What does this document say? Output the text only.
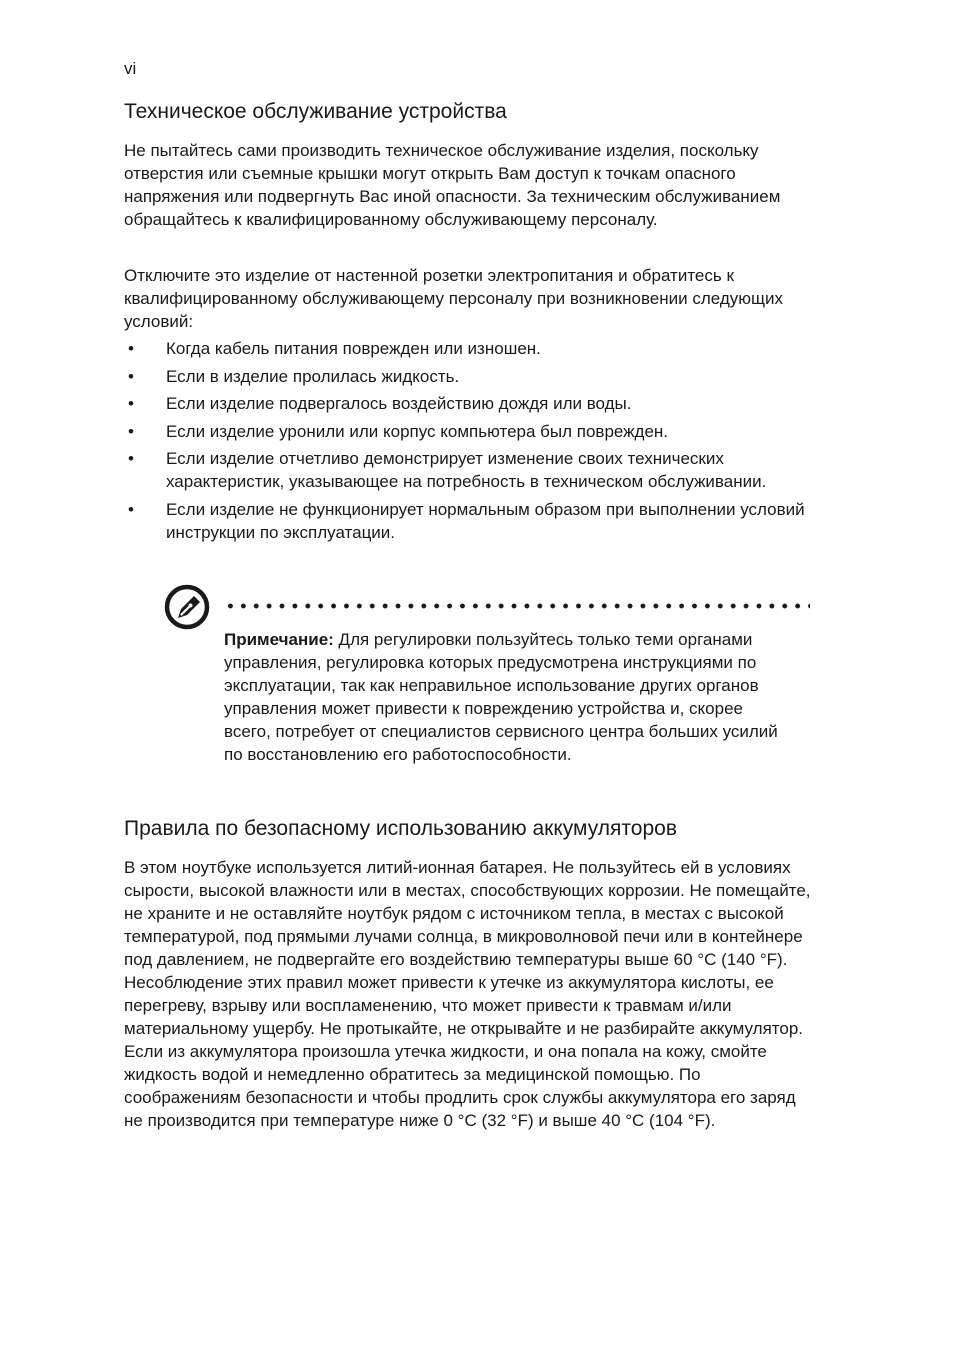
vi
Техническое обслуживание устройства

Не пытайтесь сами производить техническое обслуживание изделия, поскольку отверстия или съемные крышки могут открыть Вам доступ к точкам опасного напряжения или подвергнуть Вас иной опасности. За техническим обслуживанием обращайтесь к квалифицированному обслуживающему персоналу.

Отключите это изделие от настенной розетки электропитания и обратитесь к квалифицированному обслуживающему персоналу при возникновении следующих условий:

• Когда кабель питания поврежден или изношен.
• Если в изделие пролилась жидкость.
• Если изделие подвергалось воздействию дождя или воды.
• Если изделие уронили или корпус компьютера был поврежден.
• Если изделие отчетливо демонстрирует изменение своих технических характеристик, указывающее на потребность в техническом обслуживании.
• Если изделие не функционирует нормальным образом при выполнении условий инструкции по эксплуатации.

Примечание: Для регулировки пользуйтесь только теми органами управления, регулировка которых предусмотрена инструкциями по эксплуатации, так как неправильное использование других органов управления может привести к повреждению устройства и, скорее всего, потребует от специалистов сервисного центра больших усилий по восстановлению его работоспособности.

Правила по безопасному использованию аккумуляторов

В этом ноутбуке используется литий-ионная батарея. Не пользуйтесь ей в условиях сырости, высокой влажности или в местах, способствующих коррозии. Не помещайте, не храните и не оставляйте ноутбук рядом с источником тепла, в местах с высокой температурой, под прямыми лучами солнца, в микроволновой печи или в контейнере под давлением, не подвергайте его воздействию температуры выше 60 °C (140 °F). Несоблюдение этих правил может привести к утечке из аккумулятора кислоты, ее перегреву, взрыву или воспламенению, что может привести к травмам и/или материальному ущербу. Не протыкайте, не открывайте и не разбирайте аккумулятор. Если из аккумулятора произошла утечка жидкости, и она попала на кожу, смойте жидкость водой и немедленно обратитесь за медицинской помощью. По соображениям безопасности и чтобы продлить срок службы аккумулятора его заряд не производится при температуре ниже 0 °C (32 °F) и выше 40 °C (104 °F).
